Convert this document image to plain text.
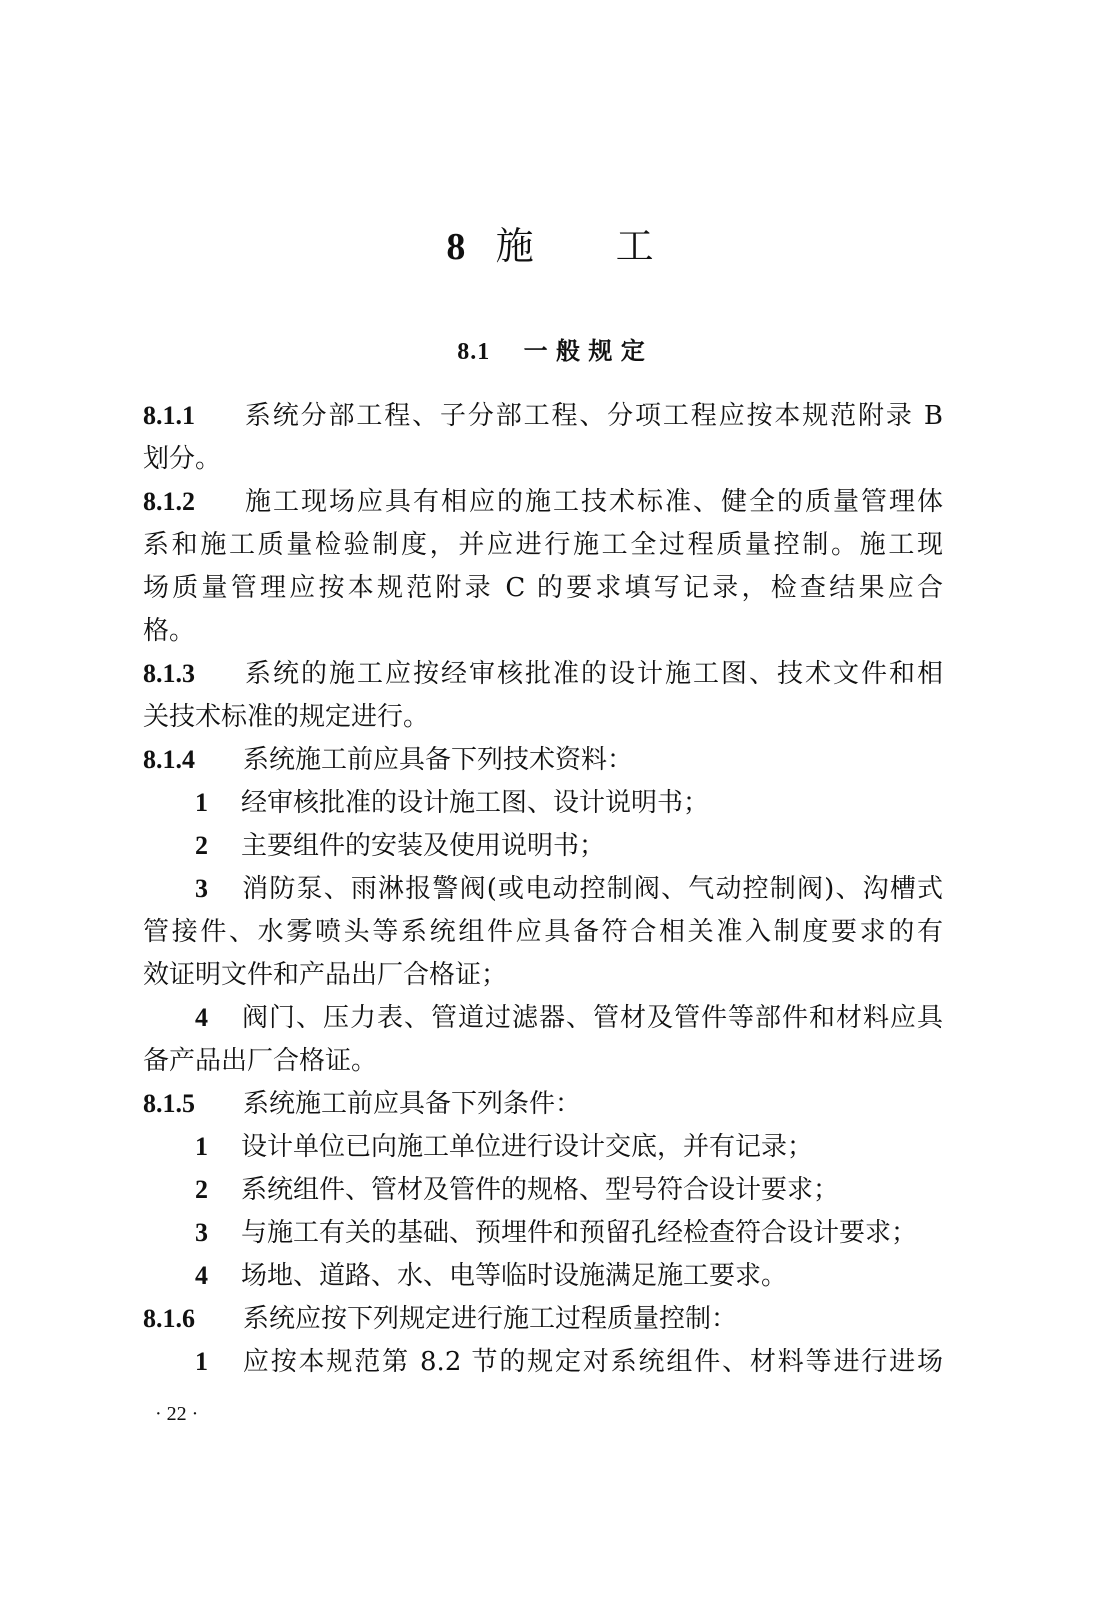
8 施　　工
8.1 一 般 规 定
8.1.1 系统分部工程、子分部工程、分项工程应按本规范附录 B
划分。
8.1.2 施工现场应具有相应的施工技术标准、健全的质量管理体
系和施工质量检验制度，并应进行施工全过程质量控制。施工现
场质量管理应按本规范附录 C 的要求填写记录，检查结果应合
格。
8.1.3 系统的施工应按经审核批准的设计施工图、技术文件和相
关技术标准的规定进行。
8.1.4 系统施工前应具备下列技术资料：
1 经审核批准的设计施工图、设计说明书；
2 主要组件的安装及使用说明书；
3 消防泵、雨淋报警阀(或电动控制阀、气动控制阀)、沟槽式
管接件、水雾喷头等系统组件应具备符合相关准入制度要求的有
效证明文件和产品出厂合格证；
4 阀门、压力表、管道过滤器、管材及管件等部件和材料应具
备产品出厂合格证。
8.1.5 系统施工前应具备下列条件：
1 设计单位已向施工单位进行设计交底，并有记录；
2 系统组件、管材及管件的规格、型号符合设计要求；
3 与施工有关的基础、预埋件和预留孔经检查符合设计要求；
4 场地、道路、水、电等临时设施满足施工要求。
8.1.6 系统应按下列规定进行施工过程质量控制：
1 应按本规范第 8.2 节的规定对系统组件、材料等进行进场
· 22 ·
